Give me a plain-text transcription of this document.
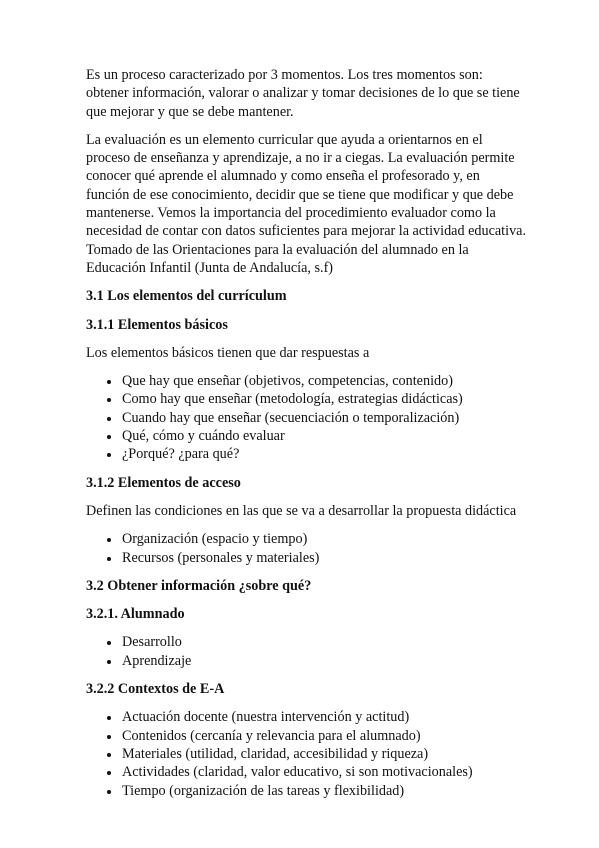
Es un proceso caracterizado por 3 momentos. Los tres momentos son: obtener información, valorar o analizar y tomar decisiones de lo que se tiene que mejorar y que se debe mantener.

La evaluación es un elemento curricular que ayuda a orientarnos en el proceso de enseñanza y aprendizaje, a no ir a ciegas. La evaluación permite conocer qué aprende el alumnado y como enseña el profesorado y, en función de ese conocimiento, decidir que se tiene que modificar y que debe mantenerse. Vemos la importancia del procedimiento evaluador como la necesidad de contar con datos suficientes para mejorar la actividad educativa. Tomado de las Orientaciones para la evaluación del alumnado en la Educación Infantil (Junta de Andalucía, s.f)

3.1 Los elementos del currículum
3.1.1 Elementos básicos

Los elementos básicos tienen que dar respuestas a

• Que hay que enseñar (objetivos, competencias, contenido)
• Como hay que enseñar (metodología, estrategias didácticas)
• Cuando hay que enseñar (secuenciación o temporalización)
• Qué, cómo y cuándo evaluar
• ¿Porqué? ¿para qué?
3.1.2 Elementos de acceso

Definen las condiciones en las que se va a desarrollar la propuesta didáctica

• Organización (espacio y tiempo)
• Recursos (personales y materiales)
3.2 Obtener información ¿sobre qué?
3.2.1. Alumnado
• Desarrollo
• Aprendizaje
3.2.2 Contextos de E-A
• Actuación docente (nuestra intervención y actitud)
• Contenidos (cercanía y relevancia para el alumnado)
• Materiales (utilidad, claridad, accesibilidad y riqueza)
• Actividades (claridad, valor educativo, si son motivacionales)
• Tiempo (organización de las tareas y flexibilidad)
